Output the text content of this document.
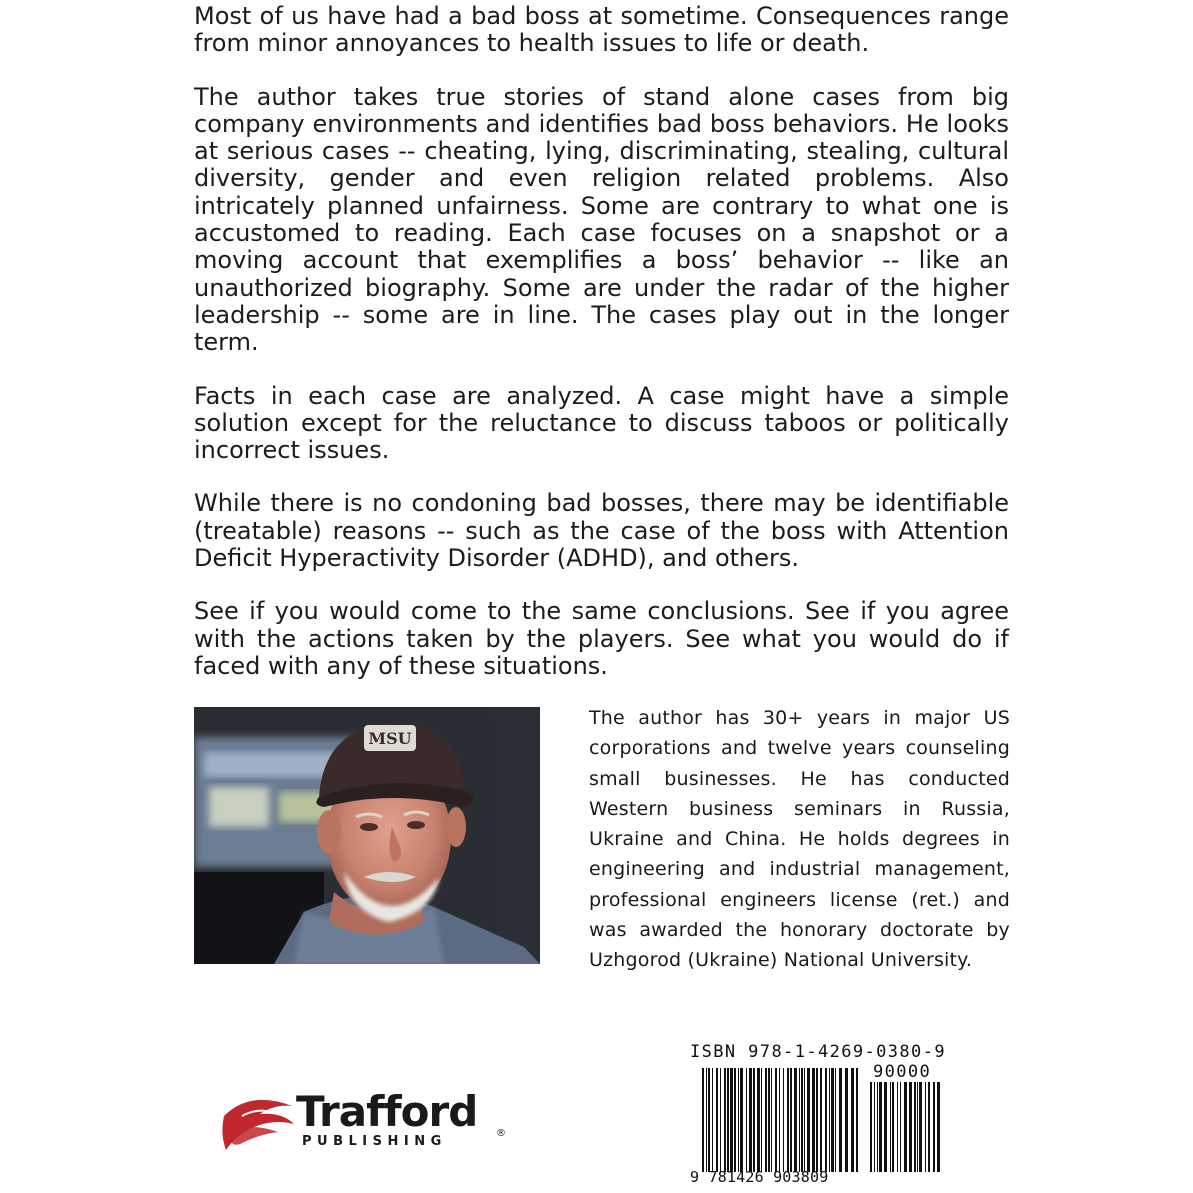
Most of us have had a bad boss at sometime. Consequences range from minor annoyances to health issues to life or death.

The author takes true stories of stand alone cases from big company environments and identifies bad boss behaviors. He looks at serious cases -- cheating, lying, discriminating, stealing, cultural diversity, gender and even religion related problems. Also intricately planned unfairness. Some are contrary to what one is accustomed to reading. Each case focuses on a snapshot or a moving account that exemplifies a boss’ behavior -- like an unauthorized biography. Some are under the radar of the higher leadership -- some are in line. The cases play out in the longer term.

Facts in each case are analyzed. A case might have a simple solution except for the reluctance to discuss taboos or politically incorrect issues.

While there is no condoning bad bosses, there may be identifiable (treatable) reasons -- such as the case of the boss with Attention Deficit Hyperactivity Disorder (ADHD), and others.

See if you would come to the same conclusions. See if you agree with the actions taken by the players. See what you would do if faced with any of these situations.

MSU

The author has 30+ years in major US corporations and twelve years counseling small businesses. He has conducted Western business seminars in Russia, Ukraine and China. He holds degrees in engineering and industrial management, professional engineers license (ret.) and was awarded the honorary doctorate by Uzhgorod (Ukraine) National University.

Trafford
PUBLISHING
®
ISBN 978-1-4269-0380-9
90000
9 781426 903809
